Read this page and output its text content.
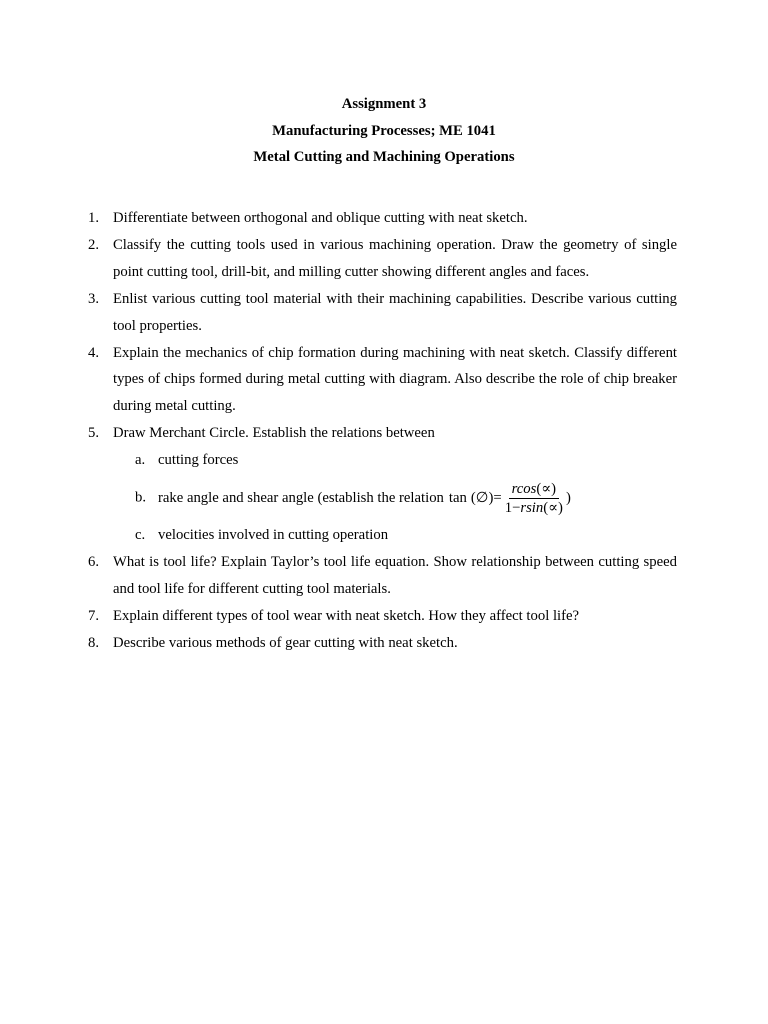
Assignment 3
Manufacturing Processes; ME 1041
Metal Cutting and Machining Operations
1. Differentiate between orthogonal and oblique cutting with neat sketch.
2. Classify the cutting tools used in various machining operation. Draw the geometry of single point cutting tool, drill-bit, and milling cutter showing different angles and faces.
3. Enlist various cutting tool material with their machining capabilities. Describe various cutting tool properties.
4. Explain the mechanics of chip formation during machining with neat sketch. Classify different types of chips formed during metal cutting with diagram. Also describe the role of chip breaker during metal cutting.
5. Draw Merchant Circle. Establish the relations between
a. cutting forces
b. rake angle and shear angle (establish the relation tan (∅) = $\frac{rcos(\propto)}{1-rsin(\propto)}$ )
c. velocities involved in cutting operation
6. What is tool life? Explain Taylor’s tool life equation. Show relationship between cutting speed and tool life for different cutting tool materials.
7. Explain different types of tool wear with neat sketch. How they affect tool life?
8. Describe various methods of gear cutting with neat sketch.
